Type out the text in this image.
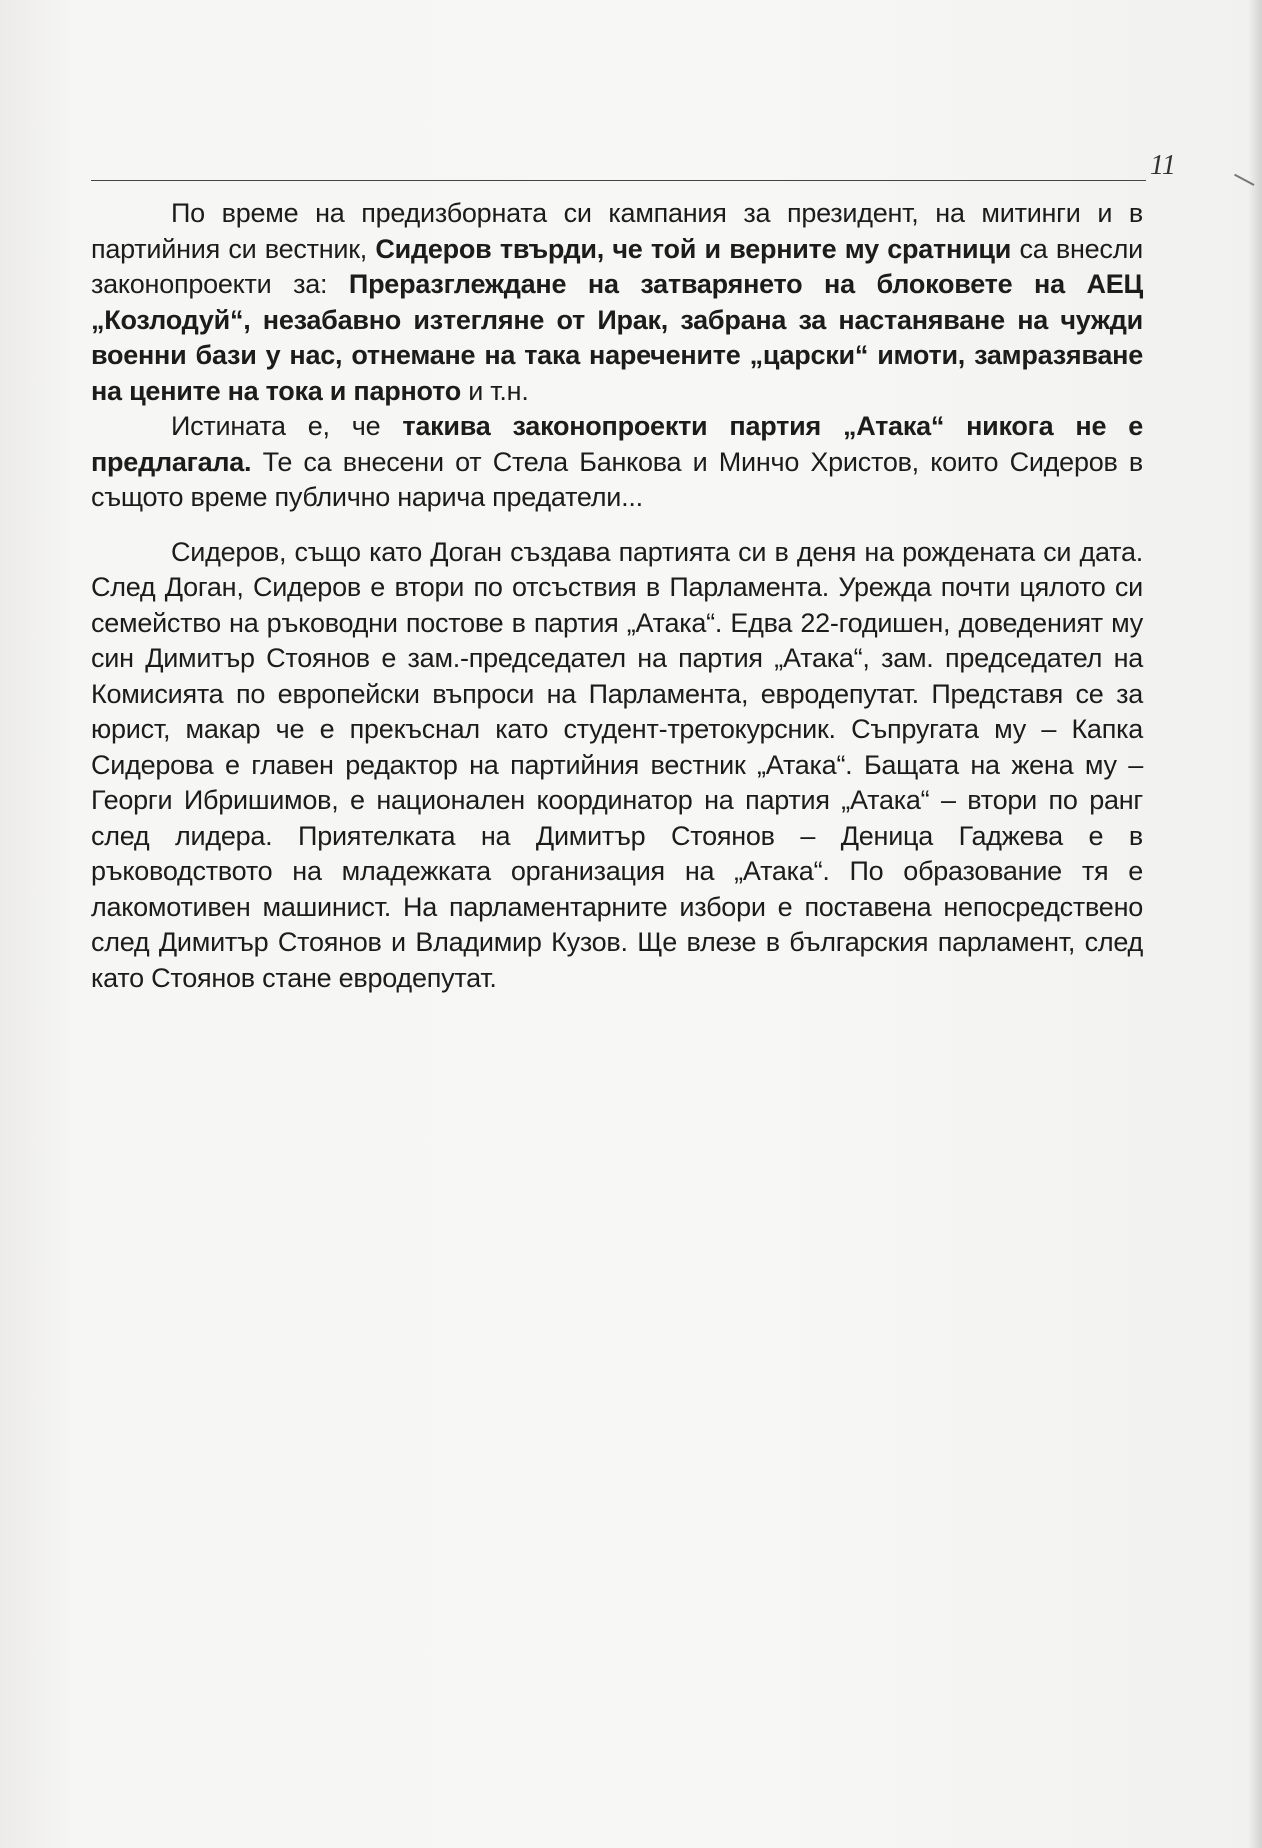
11

По време на предизборната си кампания за президент, на митинги и в партийния си вестник, Сидеров твърди, че той и верните му сратници са внесли законопроекти за: Преразглеждане на затварянето на блоковете на АЕЦ „Козлодуй“, незабавно изтегляне от Ирак, забрана за настаняване на чужди военни бази у нас, отнемане на така наречените „царски“ имоти, замразяване на цените на тока и парното и т.н.

Истината е, че такива законопроекти партия „Атака“ никога не е предлагала. Те са внесени от Стела Банкова и Минчо Христов, които Сидеров в същото време публично нарича предатели...

Сидеров, също като Доган създава партията си в деня на рождената си дата. След Доган, Сидеров е втори по отсъствия в Парламента. Урежда почти цялото си семейство на ръководни постове в партия „Атака“. Едва 22-годишен, доведеният му син Димитър Стоянов е зам.-председател на партия „Атака“, зам. председател на Комисията по европейски въпроси на Парламента, евродепутат. Представя се за юрист, макар че е прекъснал като студент-третокурсник. Съпругата му – Капка Сидерова е главен редактор на партийния вестник „Атака“. Бащата на жена му – Георги Ибришимов, е национален координатор на партия „Атака“ – втори по ранг след лидера. Приятелката на Димитър Стоянов – Деница Гаджева е в ръководството на младежката организация на „Атака“. По образование тя е лакомотивен машинист. На парламентарните избори е поставена непосредствено след Димитър Стоянов и Владимир Кузов. Ще влезе в българския парламент, след като Стоянов стане евродепутат.
